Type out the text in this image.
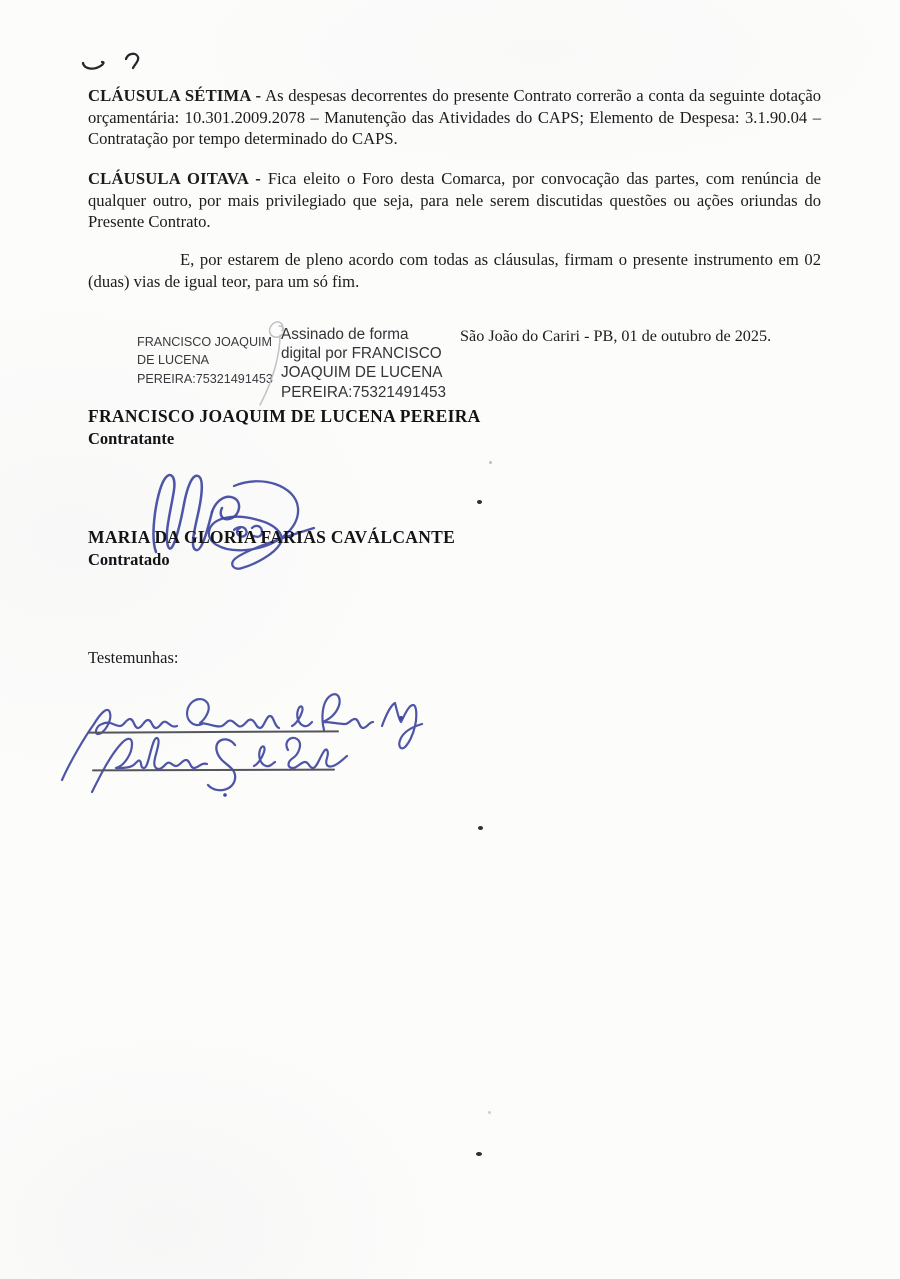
CLÁUSULA SÉTIMA - As despesas decorrentes do presente Contrato correrão a conta da seguinte dotação orçamentária: 10.301.2009.2078 – Manutenção das Atividades do CAPS; Elemento de Despesa: 3.1.90.04 – Contratação por tempo determinado do CAPS.

CLÁUSULA OITAVA - Fica eleito o Foro desta Comarca, por convocação das partes, com renúncia de qualquer outro, por mais privilegiado que seja, para nele serem discutidas questões ou ações oriundas do Presente Contrato.

E, por estarem de pleno acordo com todas as cláusulas, firmam o presente instrumento em 02 (duas) vias de igual teor, para um só fim.

FRANCISCO JOAQUIM
DE LUCENA
PEREIRA:75321491453
Assinado de forma
digital por FRANCISCO
JOAQUIM DE LUCENA
PEREIRA:75321491453
São João do Cariri - PB, 01 de outubro de 2025.
FRANCISCO JOAQUIM DE LUCENA PEREIRA
Contratante
MARIA DA GLORIA FARIAS CAVÁLCANTE
Contratado
Testemunhas:
